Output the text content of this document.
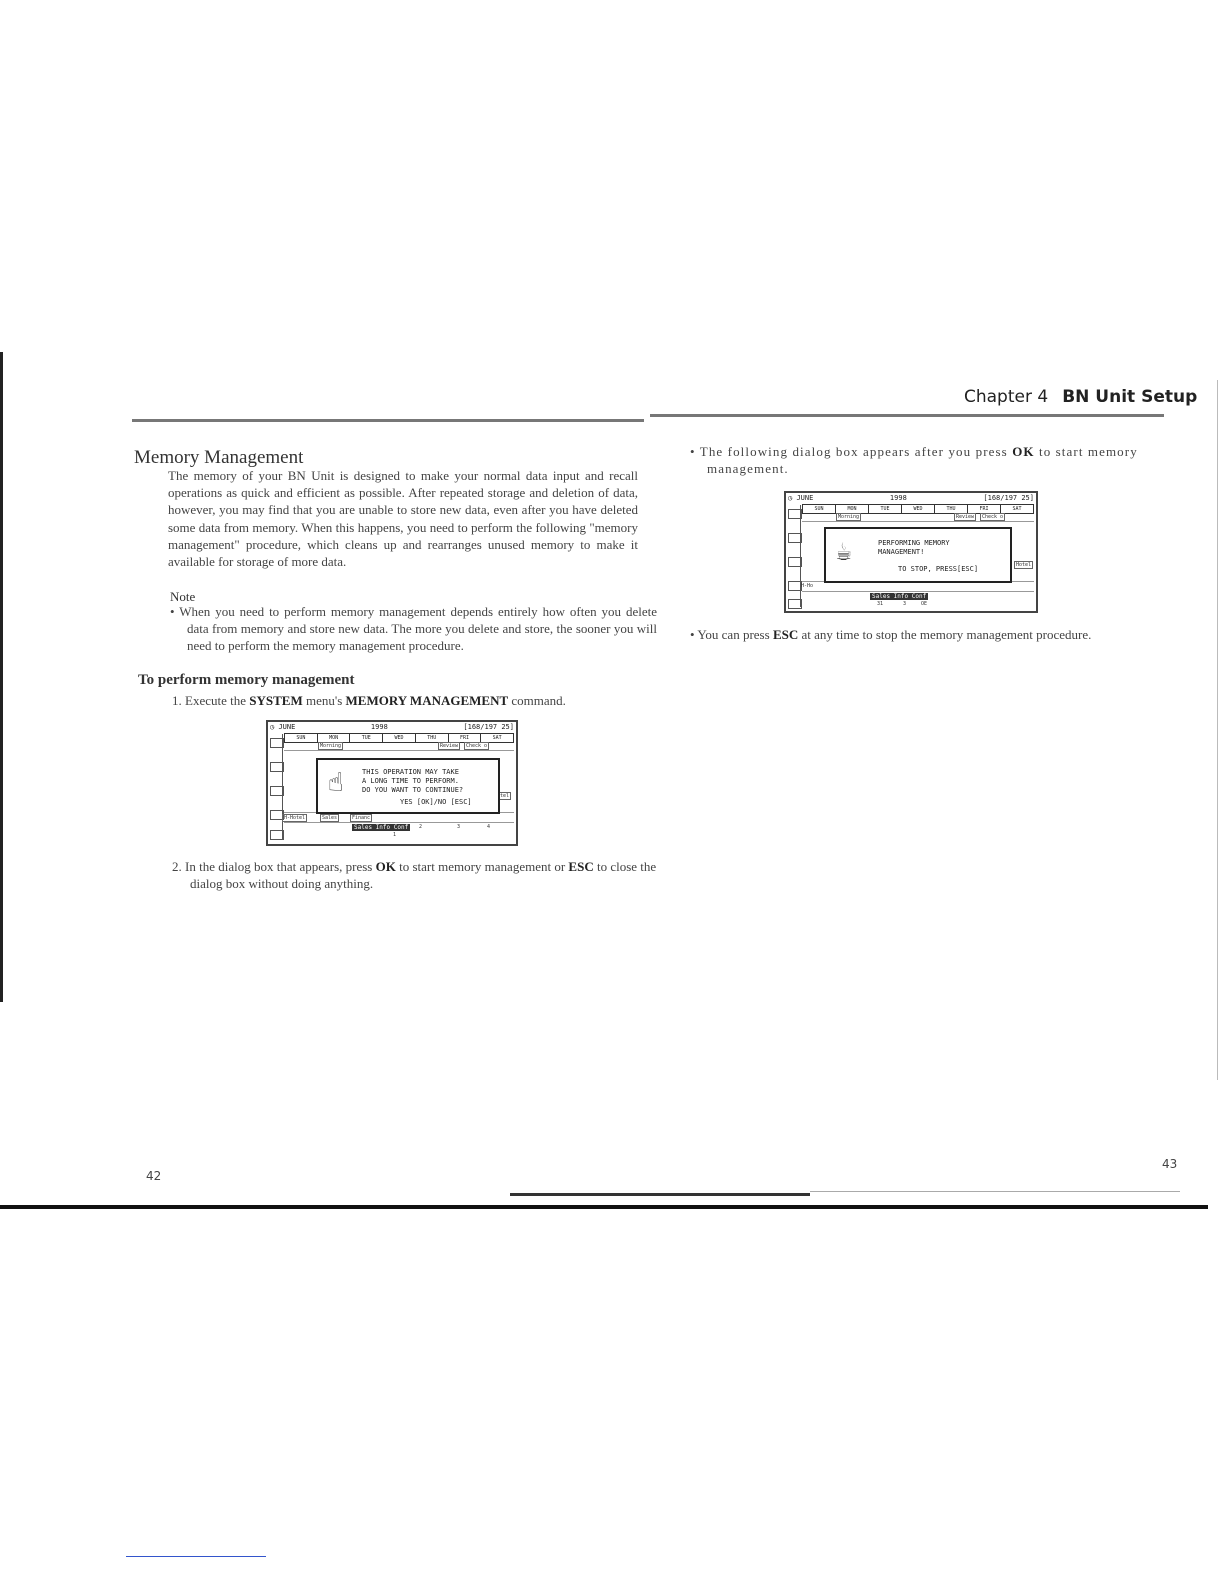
Chapter 4 BN Unit Setup
Memory Management

The memory of your BN Unit is designed to make your normal data input and recall operations as quick and efficient as possible. After repeated storage and deletion of data, however, you may find that you are unable to store new data, even after you have deleted some data from memory. When this happens, you need to perform the following "memory management" procedure, which cleans up and rearranges unused memory to make it available for storage of more data.

Note

• When you need to perform memory management depends entirely how often you delete data from memory and store new data. The more you delete and store, the sooner you will need to perform the memory management procedure.

To perform memory management

1. Execute the SYSTEM menu's MEMORY MANAGEMENT command.

◷ JUNE	1998	[168/197 25]
SUN	MON	TUE	WED	THU	FRI	SAT
Morning	Review	Check o
H-Hotel	Sales	Financ
tel
☝	THIS OPERATION MAY TAKE
A LONG TIME TO PERFORM.
DO YOU WANT TO CONTINUE?
YES [OK]/NO [ESC]
Sales Info Conf
1
2	3	4

2. In the dialog box that appears, press OK to start memory management or ESC to close the dialog box without doing anything.

42

• The following dialog box appears after you press OK to start memory management.

◷ JUNE	1998	[168/197 25]
SUN	MON	TUE	WED	THU	FRI	SAT
Morning	Review	Check o
H-Ho
Hotel
☕	PERFORMING MEMORY
MANAGEMENT!
TO STOP, PRESS[ESC]
Sales Info Conf
31	3	OE

• You can press ESC at any time to stop the memory management procedure.

43
